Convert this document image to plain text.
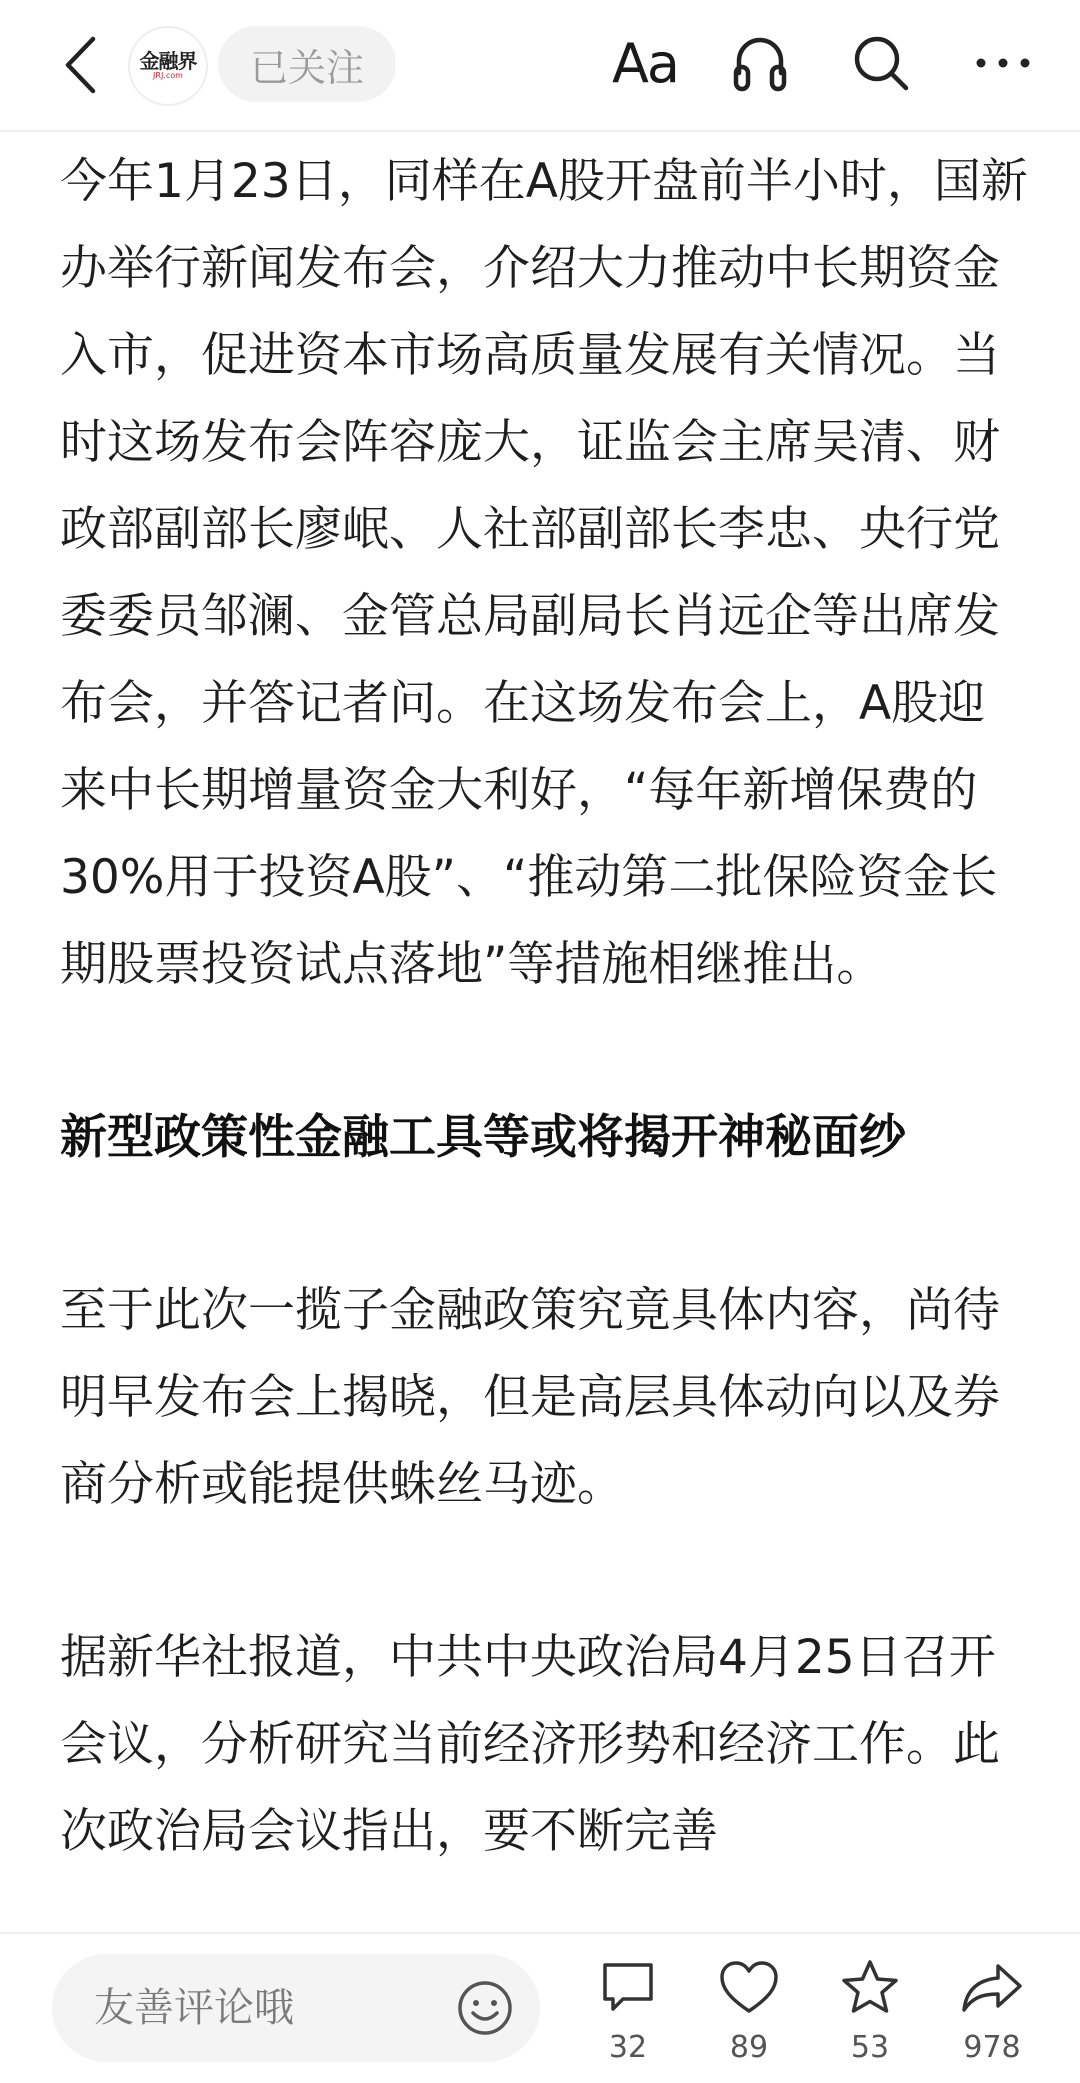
金融界
JRJ.com	已关注	Aa

今年1月23日，同样在A股开盘前半小时，国新办举行新闻发布会，介绍大力推动中长期资金入市，促进资本市场高质量发展有关情况。当时这场发布会阵容庞大，证监会主席吴清、财政部副部长廖岷、人社部副部长李忠、央行党委委员邹澜、金管总局副局长肖远企等出席发布会，并答记者问。在这场发布会上，A股迎来中长期增量资金大利好，“每年新增保费的30%用于投资A股”、“推动第二批保险资金长期股票投资试点落地”等措施相继推出。

新型政策性金融工具等或将揭开神秘面纱

至于此次一揽子金融政策究竟具体内容，尚待明早发布会上揭晓，但是高层具体动向以及券商分析或能提供蛛丝马迹。

据新华社报道，中共中央政治局4月25日召开会议，分析研究当前经济形势和经济工作。此次政治局会议指出，要不断完善

友善评论哦
32	89	53	978
